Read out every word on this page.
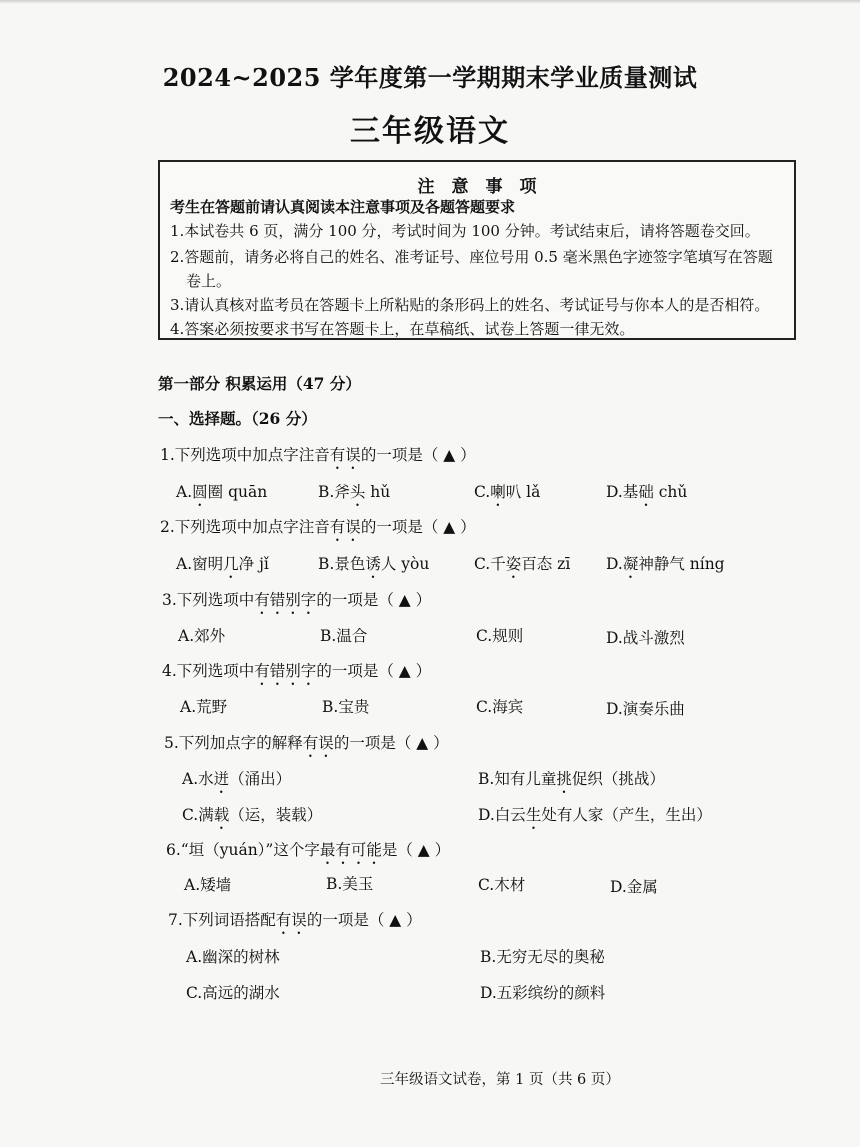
2024~2025 学年度第一学期期末学业质量测试
三年级语文
注　意　事　项
考生在答题前请认真阅读本注意事项及各题答题要求
1.本试卷共 6 页，满分 100 分，考试时间为 100 分钟。考试结束后，请将答题卷交回。
2.答题前，请务必将自己的姓名、准考证号、座位号用 0.5 毫米黑色字迹签字笔填写在答题
卷上。
3.请认真核对监考员在答题卡上所粘贴的条形码上的姓名、考试证号与你本人的是否相符。
4.答案必须按要求书写在答题卡上，在草稿纸、试卷上答题一律无效。
第一部分 积累运用（47 分）
一、选择题。（26 分）
1.下列选项中加点字注音有误的一项是（ ▲ ）
A.圆圈 quān	B.斧头 hǔ	C.喇叭 lǎ	D.基础 chǔ
2.下列选项中加点字注音有误的一项是（ ▲ ）
A.窗明几净 jǐ	B.景色诱人 yòu	C.千姿百态 zī D.凝神静气 níng
3.下列选项中有错别字的一项是（ ▲ ）
A.郊外	B.温合	C.规则	D.战斗激烈
4.下列选项中有错别字的一项是（ ▲ ）
A.荒野	B.宝贵	C.海宾	D.演奏乐曲
5.下列加点字的解释有误的一项是（ ▲ ）
A.水迸（涌出）	B.知有儿童挑促织（挑战）
C.满载（运，装载）	D.白云生处有人家（产生，生出）
6.“垣（yuán）”这个字最有可能是（ ▲ ）
A.矮墙	B.美玉	C.木材	D.金属
7.下列词语搭配有误的一项是（ ▲ ）
A.幽深的树林	B.无穷无尽的奥秘
C.高远的湖水	D.五彩缤纷的颜料
三年级语文试卷，第 1 页（共 6 页）
